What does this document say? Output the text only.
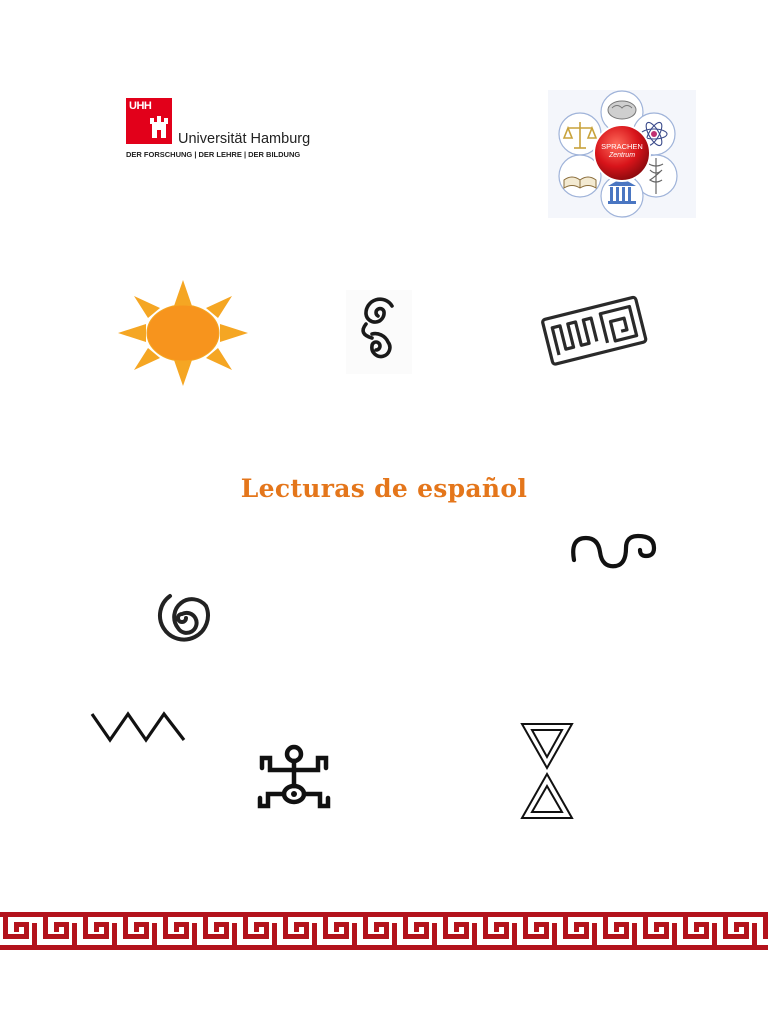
UHH
Universität Hamburg
DER FORSCHUNG | DER LEHRE | DER BILDUNG
SPRACHEN
Zentrum
Lecturas de español
